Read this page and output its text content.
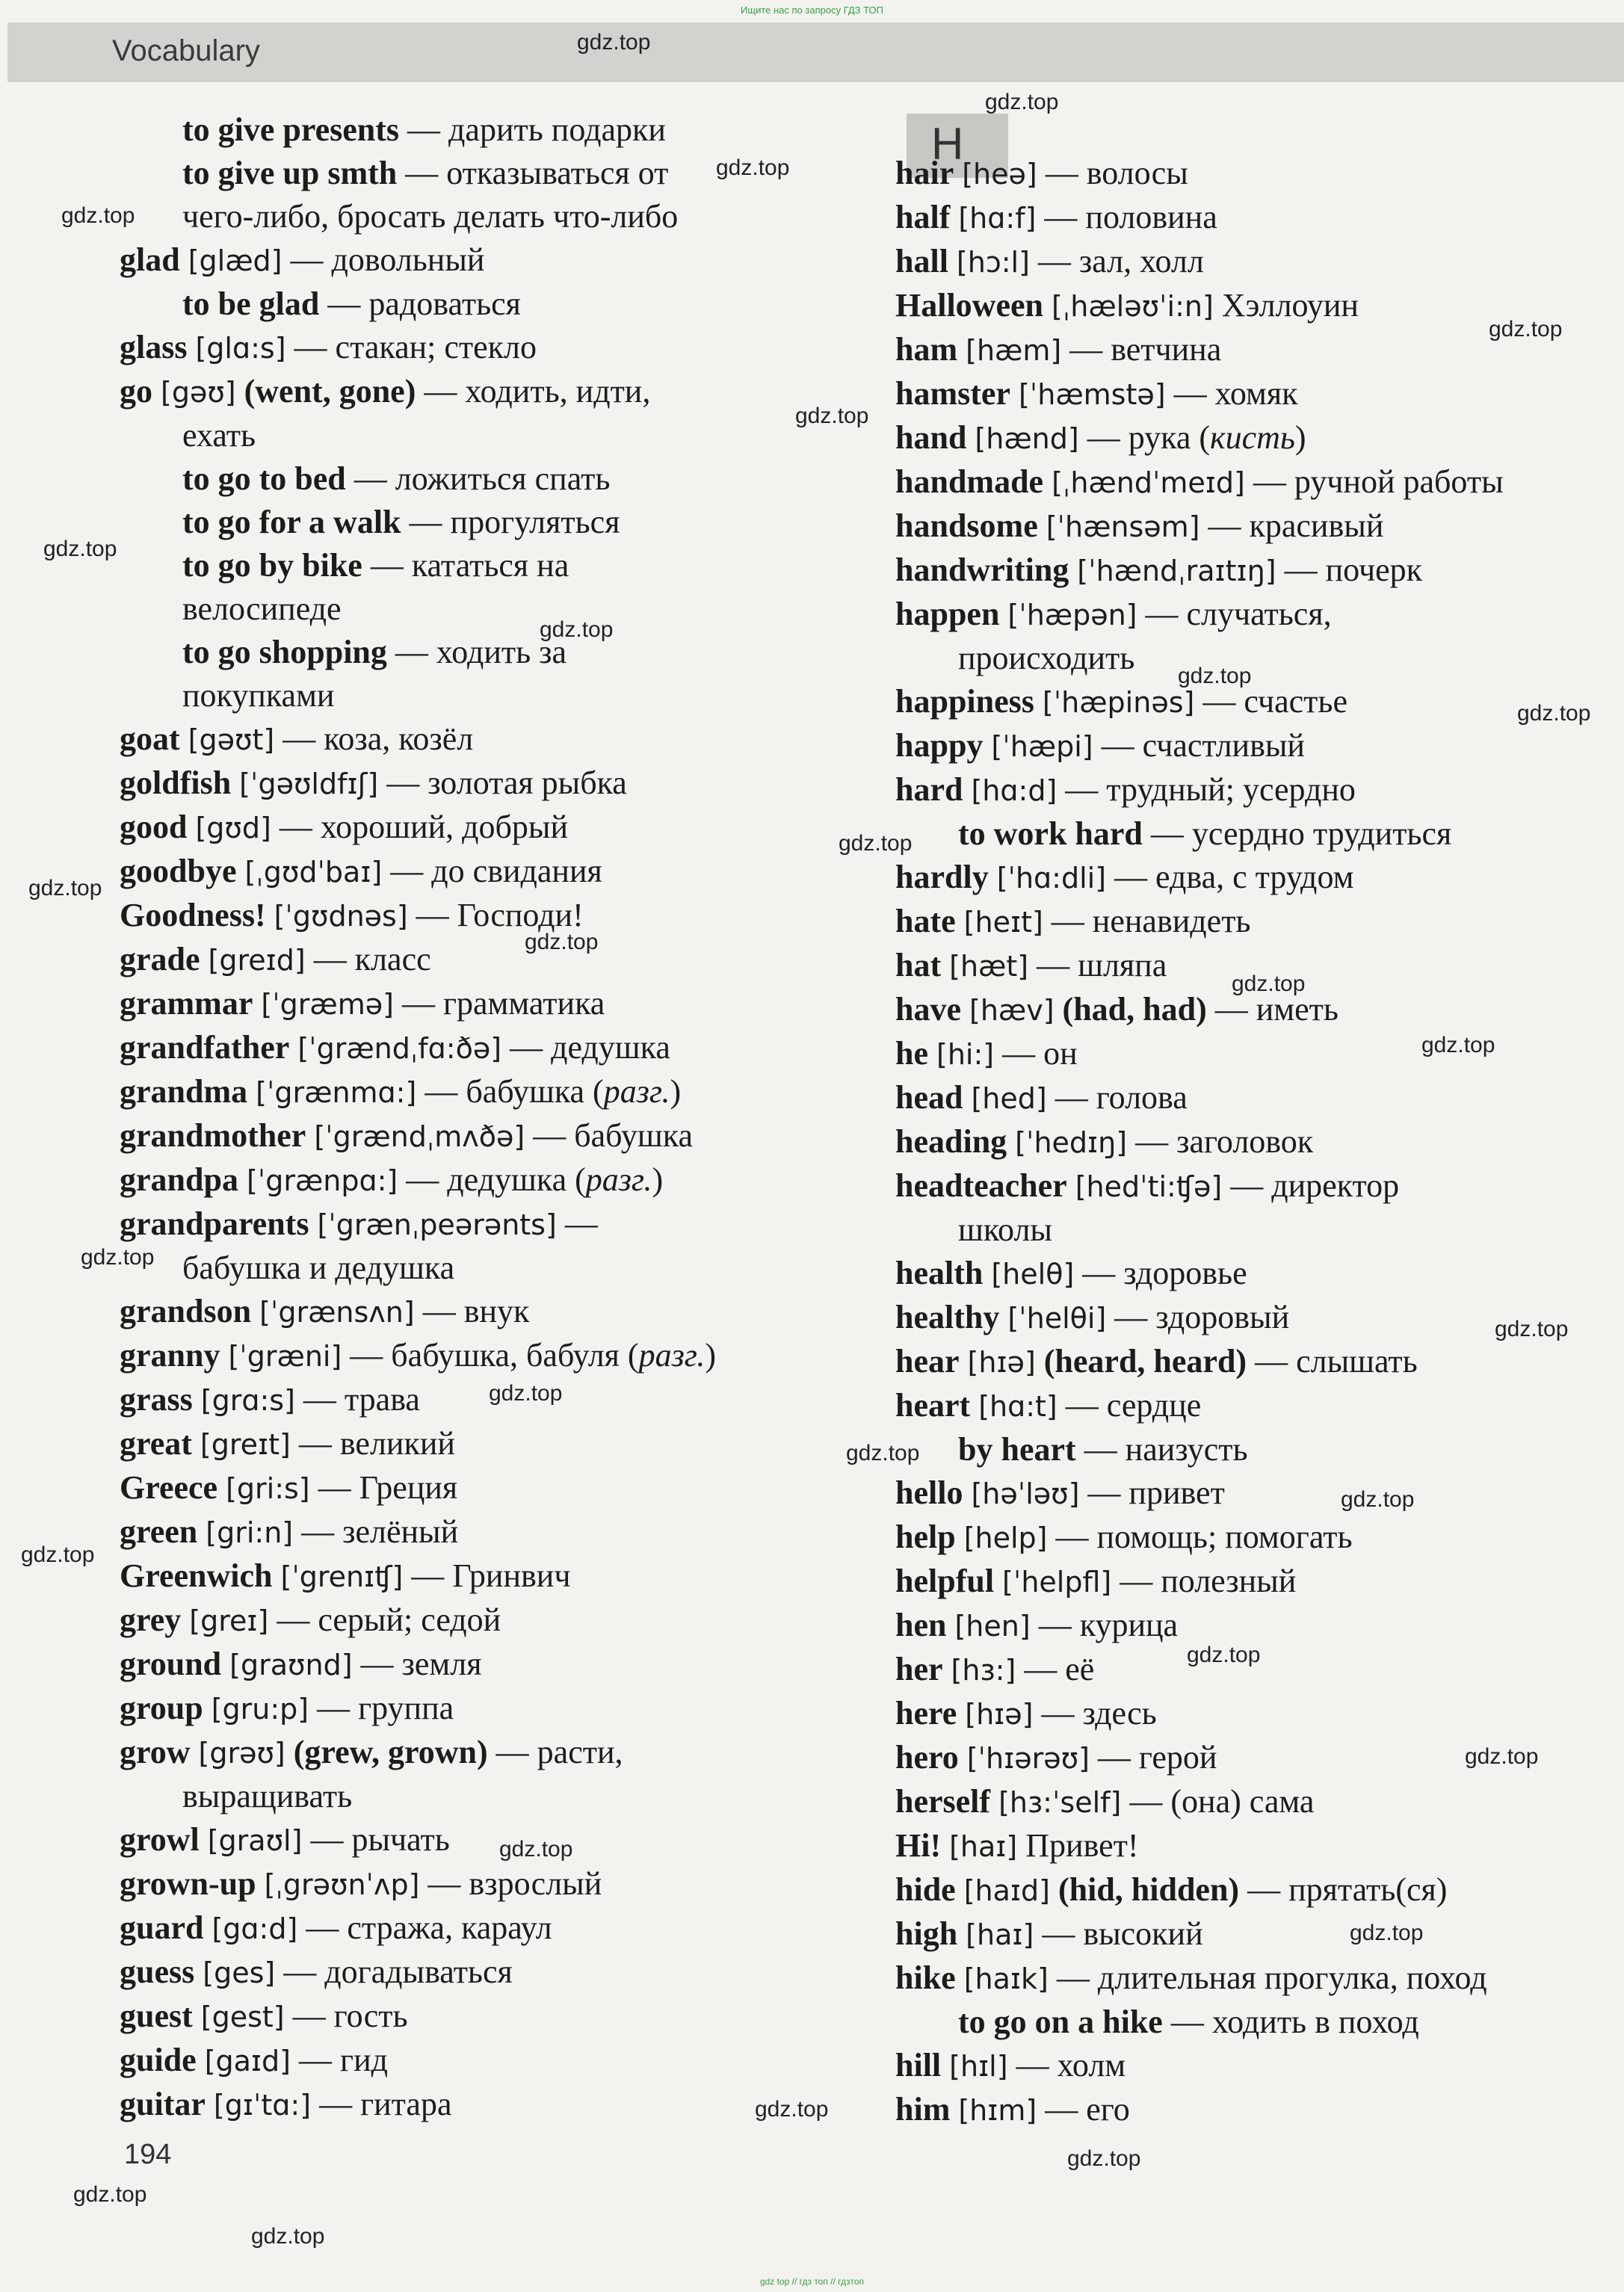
Ищите нас по запросу ГДЗ ТОП
Vocabulary
H
to give presents — дарить подарки
to give up smth — отказываться от
чего-либо, бросать делать что-либо
glad [glæd] — довольный
to be glad — радоваться
glass [glɑ:s] — стакан; стекло
go [gəʊ] (went, gone) — ходить, идти,
ехать
to go to bed — ложиться спать
to go for a walk — прогуляться
to go by bike — кататься на
велосипеде
to go shopping — ходить за
покупками
goat [gəʊt] — коза, козёл
goldfish [ˈgəʊldfɪʃ] — золотая рыбка
good [gʊd] — хороший, добрый
goodbye [ˌgʊdˈbaɪ] — до свидания
Goodness! [ˈgʊdnəs] — Господи!
grade [greɪd] — класс
grammar [ˈgræmə] — грамматика
grandfather [ˈgrændˌfɑ:ðə] — дедушка
grandma [ˈgrænmɑ:] — бабушка (разг.)
grandmother [ˈgrændˌmʌðə] — бабушка
grandpa [ˈgrænpɑ:] — дедушка (разг.)
grandparents [ˈgrænˌpeərənts] —
бабушка и дедушка
grandson [ˈgrænsʌn] — внук
granny [ˈgræni] — бабушка, бабуля (разг.)
grass [grɑ:s] — трава
great [greɪt] — великий
Greece [gri:s] — Греция
green [gri:n] — зелёный
Greenwich [ˈgrenɪʧ] — Гринвич
grey [greɪ] — серый; седой
ground [graʊnd] — земля
group [gru:p] — группа
grow [grəʊ] (grew, grown) — расти,
выращивать
growl [graʊl] — рычать
grown-up [ˌgrəʊnˈʌp] — взрослый
guard [gɑ:d] — стража, караул
guess [ges] — догадываться
guest [gest] — гость
guide [gaɪd] — гид
guitar [gɪˈtɑ:] — гитара
hair [heə] — волосы
half [hɑ:f] — половина
hall [hɔ:l] — зал, холл
Halloween [ˌhæləʊˈi:n] Хэллоуин
ham [hæm] — ветчина
hamster [ˈhæmstə] — хомяк
hand [hænd] — рука (кисть)
handmade [ˌhændˈmeɪd] — ручной работы
handsome [ˈhænsəm] — красивый
handwriting [ˈhændˌraɪtɪŋ] — почерк
happen [ˈhæpən] — случаться,
происходить
happiness [ˈhæpinəs] — счастье
happy [ˈhæpi] — счастливый
hard [hɑ:d] — трудный; усердно
to work hard — усердно трудиться
hardly [ˈhɑ:dli] — едва, с трудом
hate [heɪt] — ненавидеть
hat [hæt] — шляпа
have [hæv] (had, had) — иметь
he [hi:] — он
head [hed] — голова
heading [ˈhedɪŋ] — заголовок
headteacher [hedˈti:ʧə] — директор
школы
health [helθ] — здоровье
healthy [ˈhelθi] — здоровый
hear [hɪə] (heard, heard) — слышать
heart [hɑ:t] — сердце
by heart — наизусть
hello [həˈləʊ] — привет
help [help] — помощь; помогать
helpful [ˈhelpfl] — полезный
hen [hen] — курица
her [hɜ:] — её
here [hɪə] — здесь
hero [ˈhɪərəʊ] — герой
herself [hɜ:ˈself] — (она) сама
Hi! [haɪ] Привет!
hide [haɪd] (hid, hidden) — прятать(ся)
high [haɪ] — высокий
hike [haɪk] — длительная прогулка, поход
to go on a hike — ходить в поход
hill [hɪl] — холм
him [hɪm] — его
194
gdz.top
gdz.top
gdz.top
gdz.top
gdz.top
gdz.top
gdz.top
gdz.top
gdz.top
gdz.top
gdz.top
gdz.top
gdz.top
gdz.top
gdz.top
gdz.top
gdz.top
gdz.top
gdz.top
gdz.top
gdz.top
gdz.top
gdz.top
gdz.top
gdz.top
gdz.top
gdz.top
gdz.top
gdz.top
gdz top // гдз топ // гдзтоп
